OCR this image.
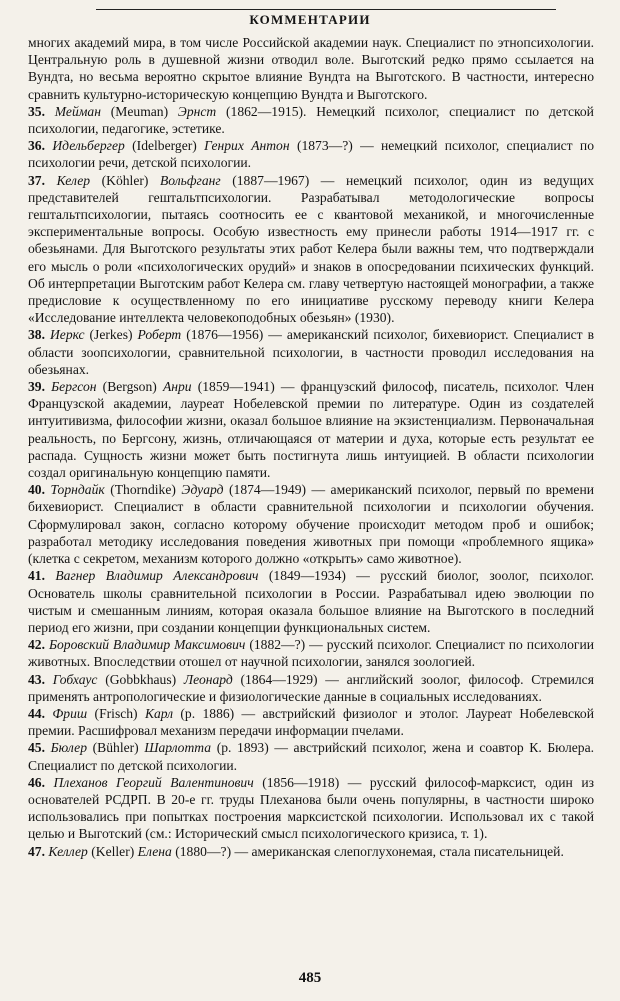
КОММЕНТАРИИ

многих академий мира, в том числе Российской академии наук. Специалист по этнопсихологии. Центральную роль в душевной жизни отводил воле. Выготский редко прямо ссылается на Вундта, но весьма вероятно скрытое влияние Вундта на Выготского. В частности, интересно сравнить культурно-историческую концепцию Вундта и Выготского.

35. Мейман (Meuman) Эрнст (1862—1915). Немецкий психолог, специалист по детской психологии, педагогике, эстетике.

36. Идельбергер (Idelberger) Генрих Антон (1873—?) — немецкий психолог, специалист по психологии речи, детской психологии.

37. Келер (Köhler) Вольфганг (1887—1967) — немецкий психолог, один из ведущих представителей гештальтпсихологии. Разрабатывал методологические вопросы гештальтпсихологии, пытаясь соотносить ее с квантовой механикой, и многочисленные экспериментальные вопросы. Особую известность ему принесли работы 1914—1917 гг. с обезьянами. Для Выготского результаты этих работ Келера были важны тем, что подтверждали его мысль о роли «психологических орудий» и знаков в опосредовании психических функций. Об интерпретации Выготским работ Келера см. главу четвертую настоящей монографии, а также предисловие к осуществленному по его инициативе русскому переводу книги Келера «Исследование интеллекта человекоподобных обезьян» (1930).

38. Иеркс (Jerkes) Роберт (1876—1956) — американский психолог, бихевиорист. Специалист в области зоопсихологии, сравнительной психологии, в частности проводил исследования на обезьянах.

39. Бергсон (Bergson) Анри (1859—1941) — французский философ, писатель, психолог. Член Французской академии, лауреат Нобелевской премии по литературе. Один из создателей интуитивизма, философии жизни, оказал большое влияние на экзистенциализм. Первоначальная реальность, по Бергсону, жизнь, отличающаяся от материи и духа, которые есть результат ее распада. Сущность жизни может быть постигнута лишь интуицией. В области психологии создал оригинальную концепцию памяти.

40. Торндайк (Thorndike) Эдуард (1874—1949) — американский психолог, первый по времени бихевиорист. Специалист в области сравнительной психологии и психологии обучения. Сформулировал закон, согласно которому обучение происходит методом проб и ошибок; разработал методику исследования поведения животных при помощи «проблемного ящика» (клетка с секретом, механизм которого должно «открыть» само животное).

41. Вагнер Владимир Александрович (1849—1934) — русский биолог, зоолог, психолог. Основатель школы сравнительной психологии в России. Разрабатывал идею эволюции по чистым и смешанным линиям, которая оказала большое влияние на Выготского в последний период его жизни, при создании концепции функциональных систем.

42. Боровский Владимир Максимович (1882—?) — русский психолог. Специалист по психологии животных. Впоследствии отошел от научной психологии, занялся зоологией.

43. Гобхаус (Gobbkhaus) Леонард (1864—1929) — английский зоолог, философ. Стремился применять антропологические и физиологические данные в социальных исследованиях.

44. Фриш (Frisch) Карл (р. 1886) — австрийский физиолог и этолог. Лауреат Нобелевской премии. Расшифровал механизм передачи информации пчелами.

45. Бюлер (Bühler) Шарлотта (р. 1893) — австрийский психолог, жена и соавтор К. Бюлера. Специалист по детской психологии.

46. Плеханов Георгий Валентинович (1856—1918) — русский философ-марксист, один из основателей РСДРП. В 20-е гг. труды Плеханова были очень популярны, в частности широко использовались при попытках построения марксистской психологии. Использовал их с такой целью и Выготский (см.: Исторический смысл психологического кризиса, т. 1).

47. Келлер (Keller) Елена (1880—?) — американская слепоглухонемая, стала писательницей.

485
